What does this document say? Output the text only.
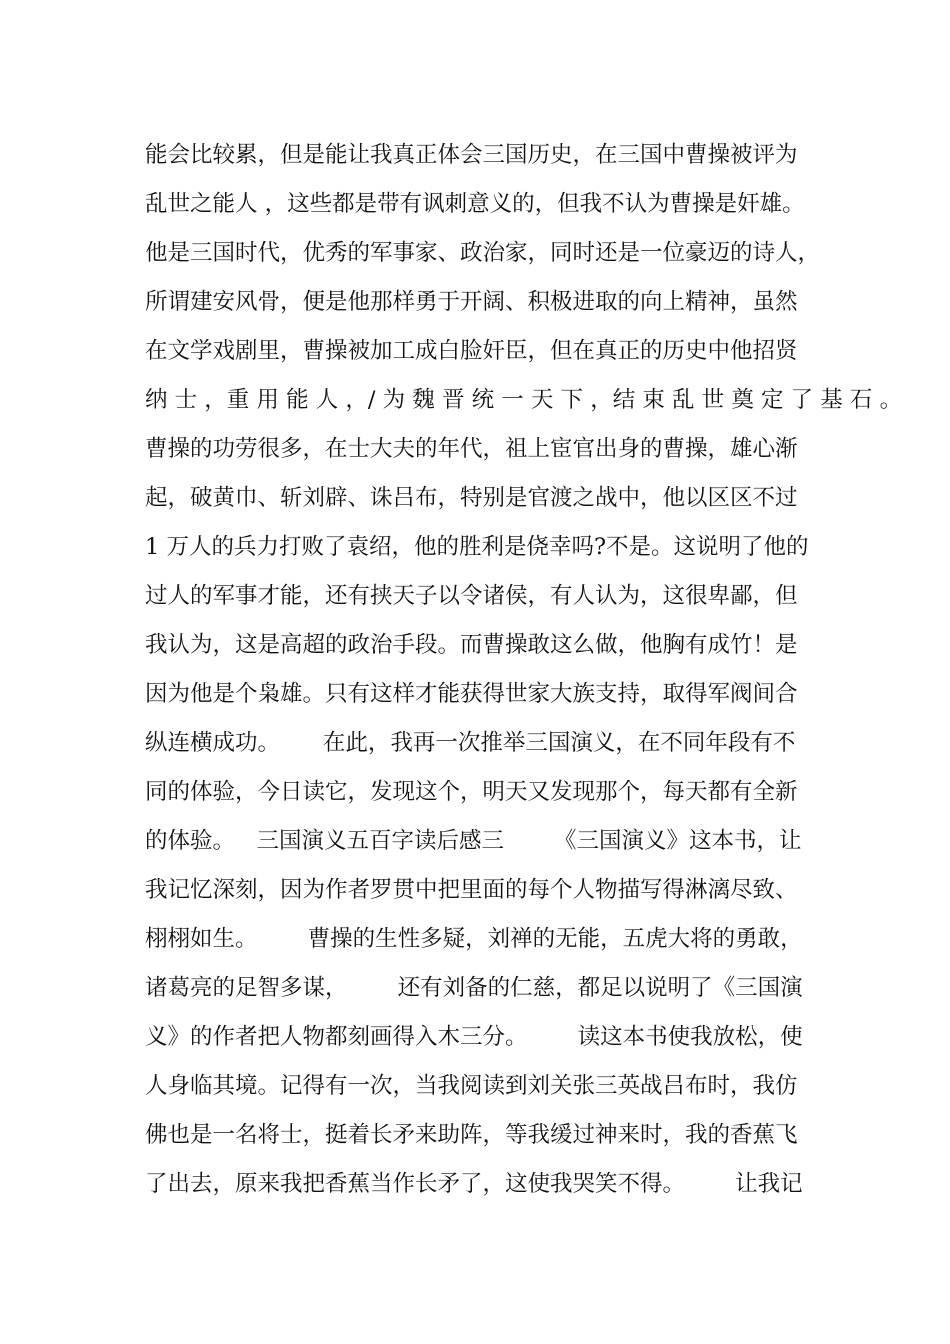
能会比较累，但是能让我真正体会三国历史，在三国中曹操被评为
乱世之能人 ，这些都是带有讽刺意义的，但我不认为曹操是奸雄。
他是三国时代，优秀的军事家、政治家，同时还是一位豪迈的诗人，
所谓建安风骨，便是他那样勇于开阔、积极进取的向上精神，虽然
在文学戏剧里，曹操被加工成白脸奸臣，但在真正的历史中他招贤
纳 士 ，重 用 能 人 ，/ 为 魏 晋 统 一 天 下 ，结 束 乱 世 奠 定 了 基 石 。
曹操的功劳很多，在士大夫的年代，祖上宦官出身的曹操，雄心渐
起，破黄巾、斩刘辟、诛吕布，特别是官渡之战中，他以区区不过
1 万人的兵力打败了袁绍，他的胜利是侥幸吗?不是。这说明了他的
过人的军事才能，还有挟天子以令诸侯，有人认为，这很卑鄙，但
我认为，这是高超的政治手段。而曹操敢这么做，他胸有成竹！是
因为他是个枭雄。只有这样才能获得世家大族支持，取得军阀间合
纵连横成功。      在此，我再一次推举三国演义，在不同年段有不
同的体验，今日读它，发现这个，明天又发现那个，每天都有全新
的体验。   三国演义五百字读后感三       《三国演义》这本书，让
我记忆深刻，因为作者罗贯中把里面的每个人物描写得淋漓尽致、
栩栩如生。       曹操的生性多疑，刘禅的无能，五虎大将的勇敢，
诸葛亮的足智多谋，       还有刘备的仁慈，都足以说明了《三国演
义》的作者把人物都刻画得入木三分。       读这本书使我放松，使
人身临其境。记得有一次，当我阅读到刘关张三英战吕布时，我仿
佛也是一名将士，挺着长矛来助阵，等我缓过神来时，我的香蕉飞
了出去，原来我把香蕉当作长矛了，这使我哭笑不得。       让我记
